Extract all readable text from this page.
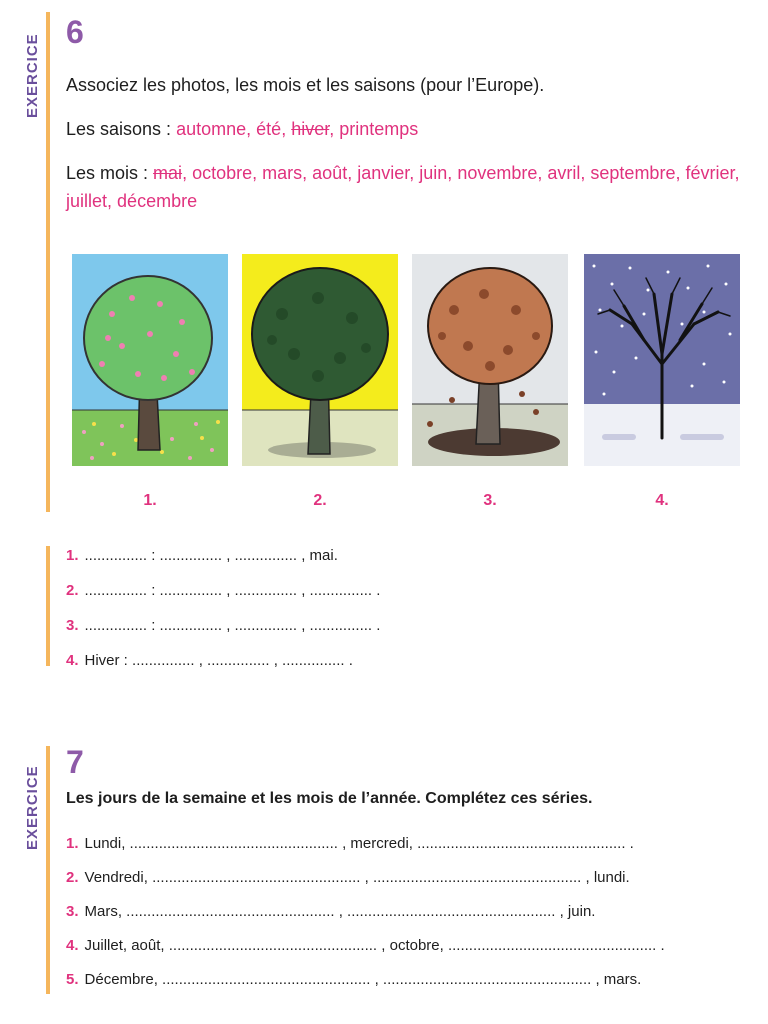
EXERCICE
6
Associez les photos, les mois et les saisons (pour l’Europe).
Les saisons : automne, été, hiver, printemps
Les mois : mai, octobre, mars, août, janvier, juin, novembre, avril, septembre, février,
juillet, décembre
1.	2.	3.	4.
1. ............... : ............... , ............... , mai.
2. ............... : ............... , ............... , ............... .
3. ............... : ............... , ............... , ............... .
4. Hiver : ............... , ............... , ............... .
EXERCICE
7
Les jours de la semaine et les mois de l’année. Complétez ces séries.
1. Lundi, .................................................. , mercredi, .................................................. .
2. Vendredi, .................................................. , .................................................. , lundi.
3. Mars, .................................................. , .................................................. , juin.
4. Juillet, août, .................................................. , octobre, .................................................. .
5. Décembre, .................................................. , .................................................. , mars.
